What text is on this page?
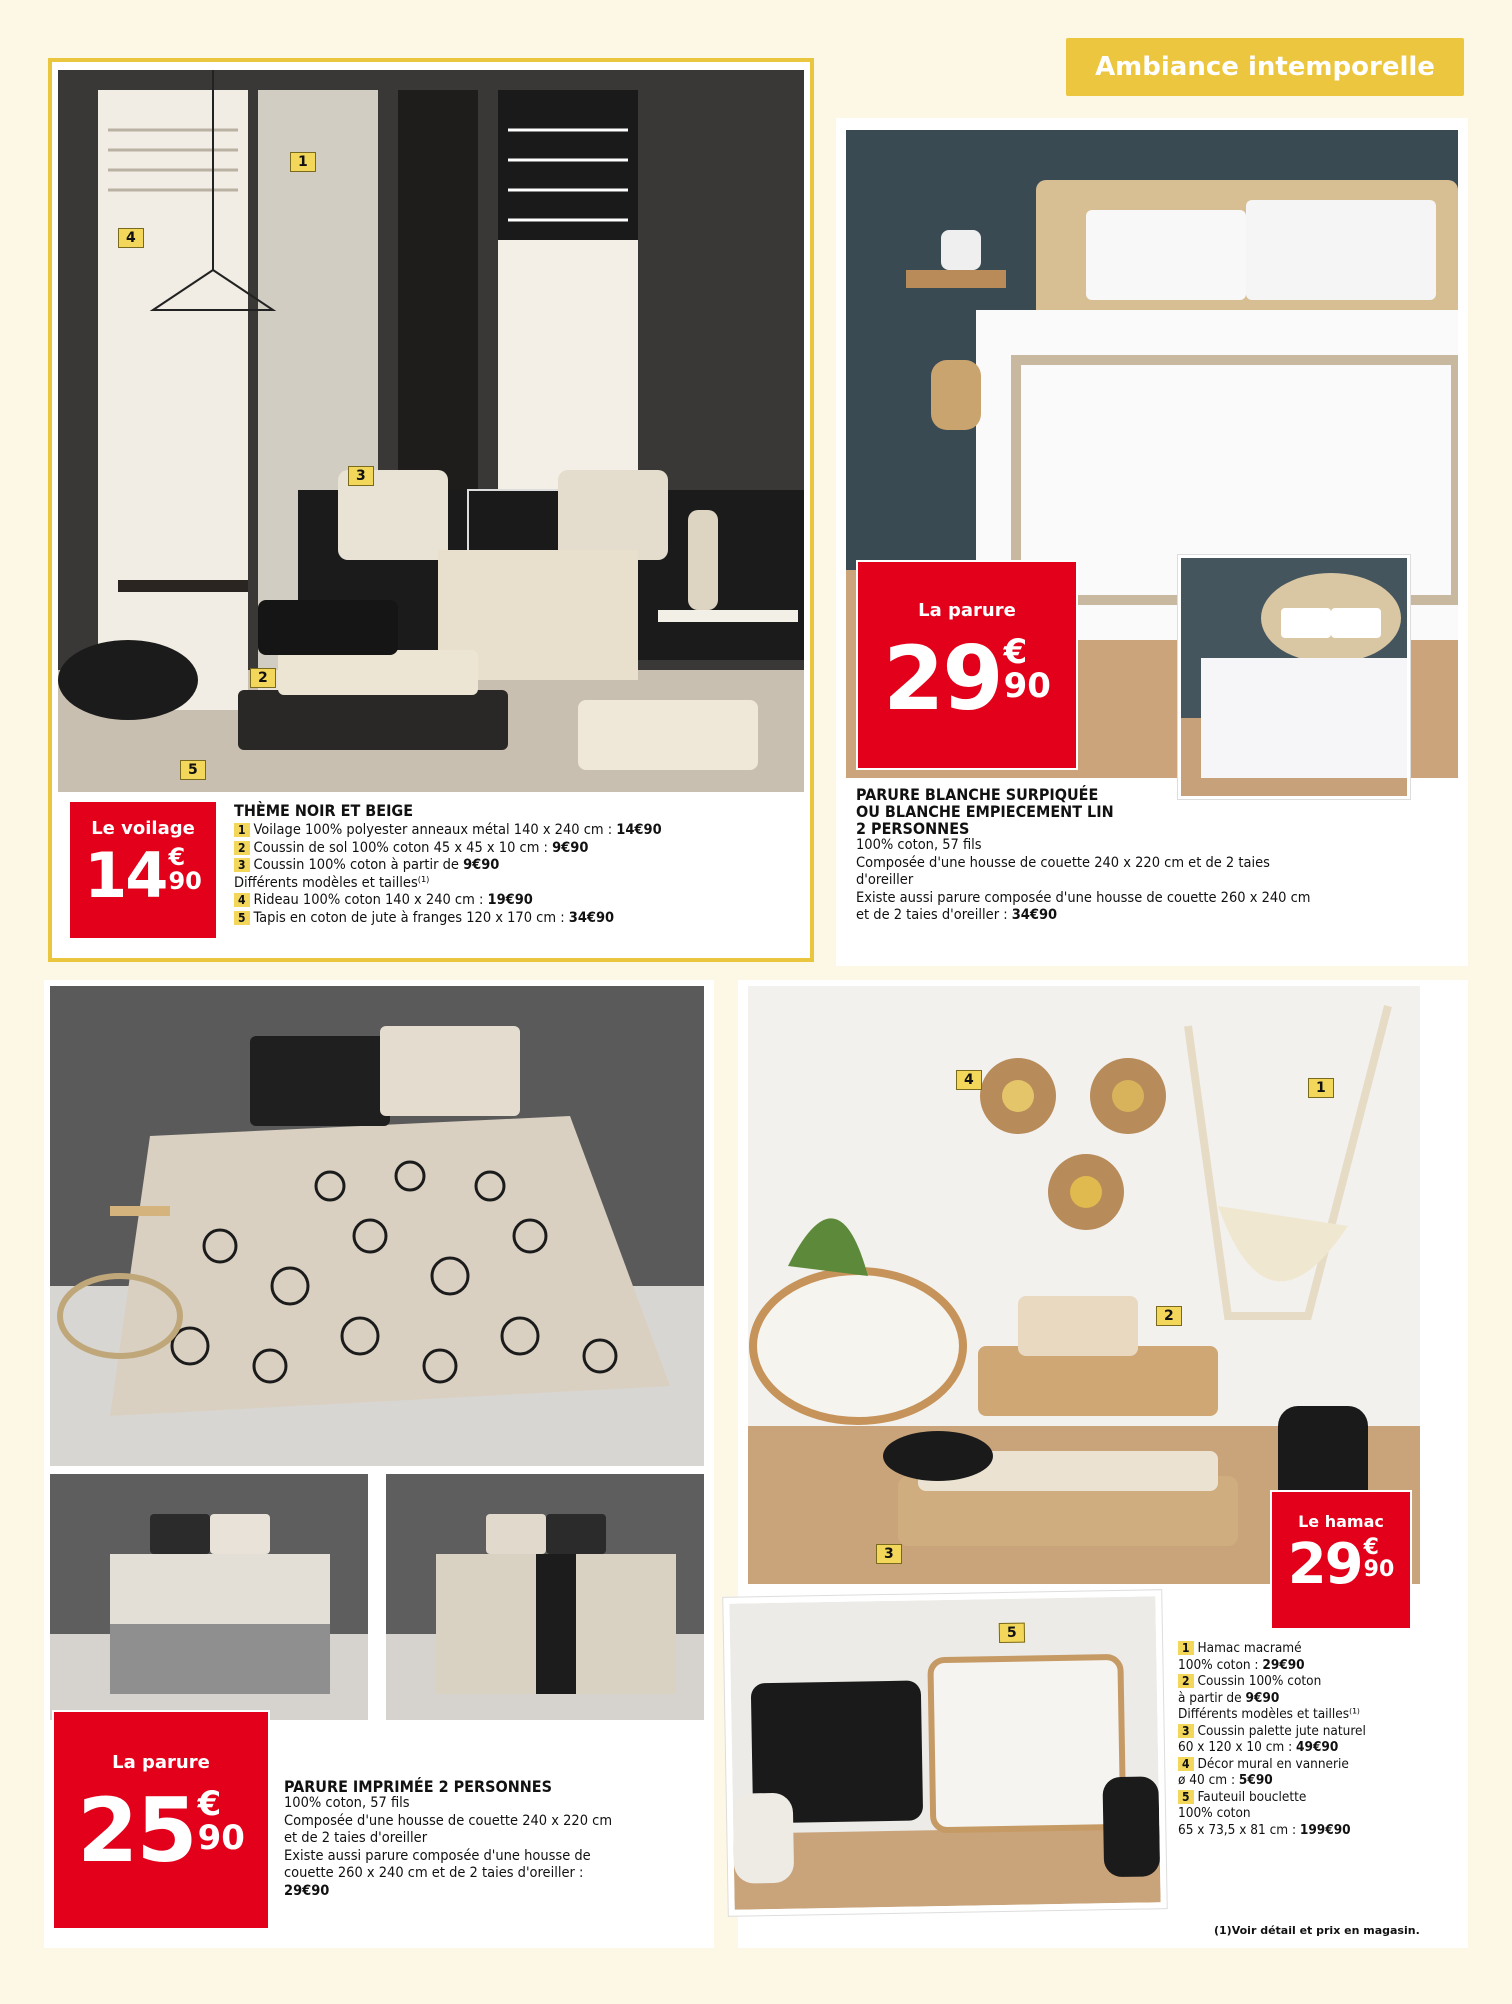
Ambiance intemporelle
1
4
3
2
5
Le voilage
14 €
90
THÈME NOIR ET BEIGE
1 Voilage 100% polyester anneaux métal 140 x 240 cm : 14€90
2 Coussin de sol 100% coton 45 x 45 x 10 cm : 9€90
3 Coussin 100% coton à partir de 9€90
Différents modèles et tailles⁽¹⁾
4 Rideau 100% coton 140 x 240 cm : 19€90
5 Tapis en coton de jute à franges 120 x 170 cm : 34€90
La parure
29 €
90
PARURE BLANCHE SURPIQUÉE
OU BLANCHE EMPIECEMENT LIN
2 PERSONNES
100% coton, 57 fils
Composée d'une housse de couette 240 x 220 cm et de 2 taies
d'oreiller
Existe aussi parure composée d'une housse de couette 260 x 240 cm
et de 2 taies d'oreiller : 34€90
La parure
25 €
90
PARURE IMPRIMÉE 2 PERSONNES
100% coton, 57 fils
Composée d'une housse de couette 240 x 220 cm
et de 2 taies d'oreiller
Existe aussi parure composée d'une housse de
couette 260 x 240 cm et de 2 taies d'oreiller :
29€90
4	1
2
3
5
Le hamac
29 €
90
1 Hamac macramé
100% coton : 29€90
2 Coussin 100% coton
à partir de 9€90
Différents modèles et tailles⁽¹⁾
3 Coussin palette jute naturel
60 x 120 x 10 cm : 49€90
4 Décor mural en vannerie
ø 40 cm : 5€90
5 Fauteuil bouclette
100% coton
65 x 73,5 x 81 cm : 199€90
(1)Voir détail et prix en magasin.
